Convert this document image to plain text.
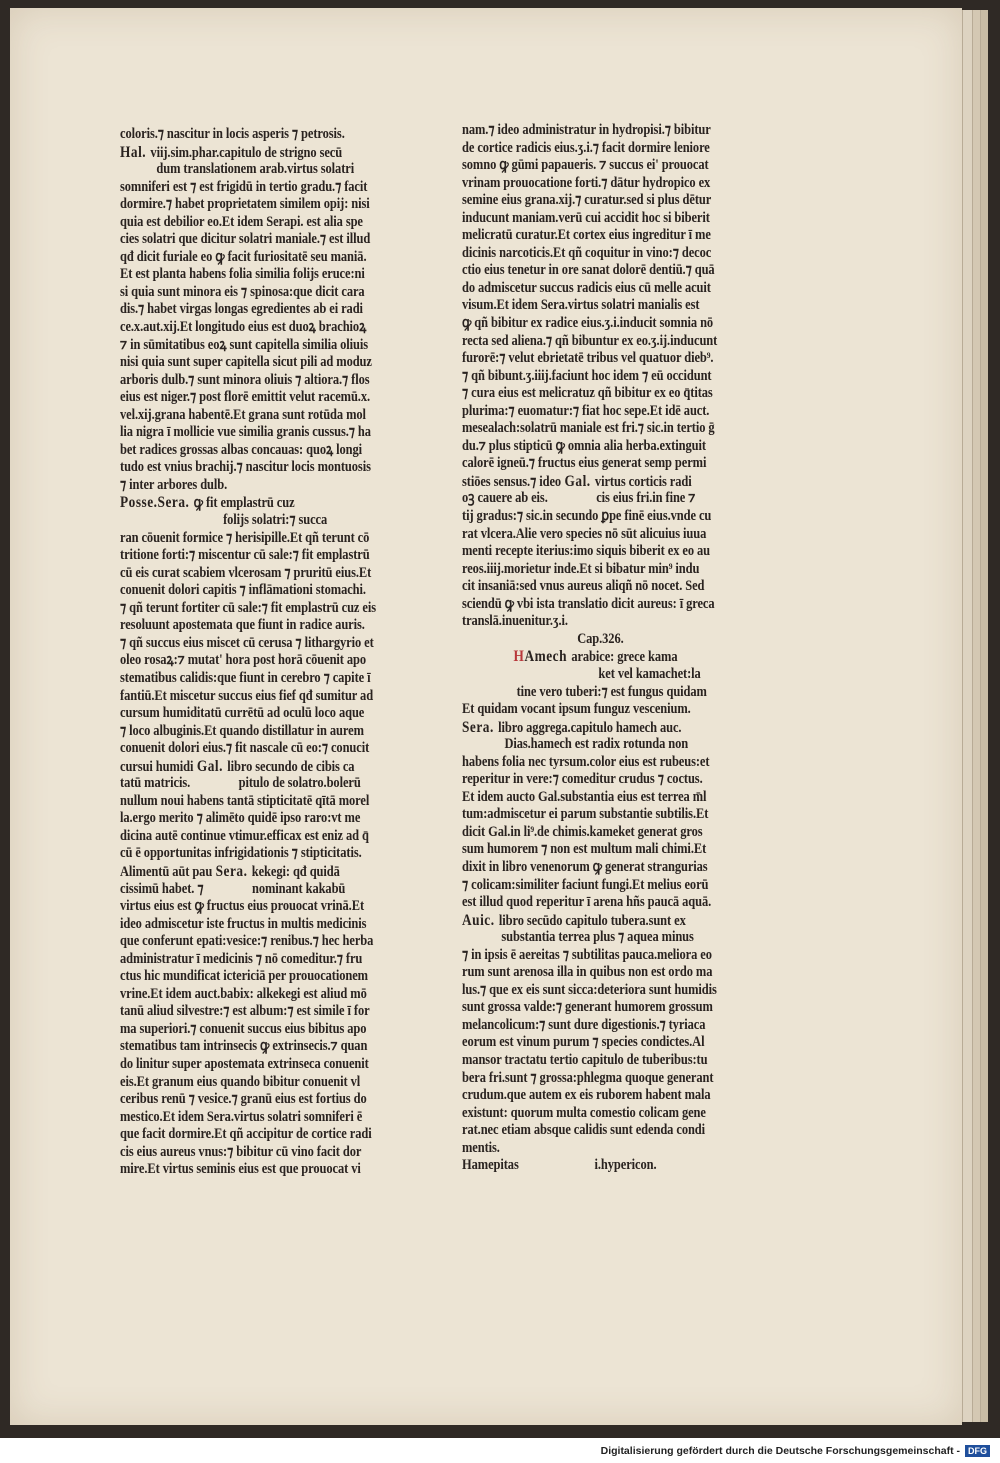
coloris.⁊ nascitur in locis asperis ⁊ petrosis.
Hal. viij.sim.phar.capitulo de strigno secū
dum translationem arab.virtus solatri
somniferi est ⁊ est frigidū in tertio gradu.⁊ facit
dormire.⁊ habet proprietatem similem opij: nisi
quia est debilior eo.Et idem Serapi. est alia spe
cies solatri que dicitur solatri maniale.⁊ est illud
qđ dicit furiale eo ꝙ facit furiositatē seu maniā.
Et est planta habens folia similia folijs eruce:ni
si quia sunt minora eis ⁊ spinosa:que dicit cara
dis.⁊ habet virgas longas egredientes ab ei radi
ce.x.aut.xij.Et longitudo eius est duoꝝ brachioꝝ
⁊ in sūmitatibus eoꝝ sunt capitella similia oliuis
nisi quia sunt super capitella sicut pili ad moduz
arboris dulb.⁊ sunt minora oliuis ⁊ altiora.⁊ flos
eius est niger.⁊ post florē emittit velut racemū.x.
vel.xij.grana habentē.Et grana sunt rotūda mol
lia nigra ī mollicie vue similia granis cussus.⁊ ha
bet radices grossas albas concauas: quoꝝ longi
tudo est vnius brachij.⁊ nascitur locis montuosis
⁊ inter arbores dulb.
Posse.Sera. ꝙ fit emplastrū cuz
folijs solatri:⁊ succa
ran cōuenit formice ⁊ herisipille.Et qñ terunt cō
tritione forti:⁊ miscentur cū sale:⁊ fit emplastrū
cū eis curat scabiem vlcerosam ⁊ pruritū eius.Et
conuenit dolori capitis ⁊ inflāmationi stomachi.
⁊ qñ terunt fortiter cū sale:⁊ fit emplastrū cuz eis
resoluunt apostemata que fiunt in radice auris.
⁊ qñ succus eius miscet cū cerusa ⁊ lithargyrio et
oleo rosaꝝ:⁊ mutat' hora post horā cōuenit apo
stematibus calidis:que fiunt in cerebro ⁊ capite ī
fantiū.Et miscetur succus eius fief qđ sumitur ad
cursum humiditatū currētū ad oculū loco aque
⁊ loco albuginis.Et quando distillatur in aurem
conuenit dolori eius.⁊ fit nascale cū eo:⁊ conucit
cursui humidi Gal. libro secundo de cibis ca
tatū matricis.                pitulo de solatro.bolerū
nullum noui habens tantā stipticitatē qītā morel
la.ergo merito ⁊ alimēto quidē ipso raro:vt me
dicina autē continue vtimur.efficax est eniz ad q̄
cū ē opportunitas infrigidationis ⁊ stipticitatis.
Alimentū aūt pau Sera. kekegi: qđ quidā
cissimū habet. ⁊                nominant kakabū
virtus eius est ꝙ fructus eius prouocat vrinā.Et
ideo admiscetur iste fructus in multis medicinis
que conferunt epati:vesice:⁊ renibus.⁊ hec herba
administratur ī medicinis ⁊ nō comeditur.⁊ fru
ctus hic mundificat ictericiā per prouocationem
vrine.Et idem auct.babix: alkekegi est aliud mō
tanū aliud silvestre:⁊ est album:⁊ est simile ī for
ma superiori.⁊ conuenit succus eius bibitus apo
stematibus tam intrinsecis ꝙ extrinsecis.⁊ quan
do linitur super apostemata extrinseca conuenit
eis.Et granum eius quando bibitur conuenit vl
ceribus renū ⁊ vesice.⁊ granū eius est fortius do
mestico.Et idem Sera.virtus solatri somniferi ē
que facit dormire.Et qñ accipitur de cortice radi
cis eius aureus vnus:⁊ bibitur cū vino facit dor
mire.Et virtus seminis eius est que prouocat vi
nam.⁊ ideo administratur in hydropisi.⁊ bibitur
de cortice radicis eius.ʒ.i.⁊ facit dormire leniore
somno ꝙ gūmi papaueris. ⁊ succus ei' prouocat
vrinam prouocatione forti.⁊ dātur hydropico ex
semine eius grana.xij.⁊ curatur.sed si plus dētur
inducunt maniam.verū cui accidit hoc si biberit
melicratū curatur.Et cortex eius ingreditur ī me
dicinis narcoticis.Et qñ coquitur in vino:⁊ decoc
ctio eius tenetur in ore sanat dolorē dentiū.⁊ quā
do admiscetur succus radicis eius cū melle acuit
visum.Et idem Sera.virtus solatri manialis est
ꝙ qñ bibitur ex radice eius.ʒ.i.inducit somnia nō
recta sed aliena.⁊ qñ bibuntur ex eo.ʒ.ij.inducunt
furorē:⁊ velut ebrietatē tribus vel quatuor dieb⁹.
⁊ qñ bibunt.ʒ.iiij.faciunt hoc idem ⁊ eū occidunt
⁊ cura eius est melicratuz qñ bibitur ex eo q̄titas
plurima:⁊ euomatur:⁊ fiat hoc sepe.Et idē auct.
mesealach:solatrū maniale est fri.⁊ sic.in tertio ḡ
du.⁊ plus stipticū ꝙ omnia alia herba.extinguit
calorē igneū.⁊ fructus eius generat semp permi
stiōes sensus.⁊ ideo Gal. virtus corticis radi
oꝫ cauere ab eis.                cis eius fri.in fine ⁊
tij gradus:⁊ sic.in secundo ꝑpe finē eius.vnde cu
rat vlcera.Alie vero species nō sūt alicuius iuua
menti recepte iterius:imo siquis biberit ex eo au
reos.iiij.morietur inde.Et si bibatur min⁹ indu
cit insaniā:sed vnus aureus aliqñ nō nocet. Sed
sciendū ꝙ vbi ista translatio dicit aureus: ī greca
translā.inuenitur.ʒ.i.
Cap.326.
HAmech arabice: grece kama
ket vel kamachet:la
tine vero tuberi:⁊ est fungus quidam
Et quidam vocant ipsum funguz vescenium.
Sera. libro aggrega.capitulo hamech auc.
Dias.hamech est radix rotunda non
habens folia nec tyrsum.color eius est rubeus:et
reperitur in vere:⁊ comeditur crudus ⁊ coctus.
Et idem aucto Gal.substantia eius est terrea m̄l
tum:admiscetur ei parum substantie subtilis.Et
dicit Gal.in li⁹.de chimis.kameket generat gros
sum humorem ⁊ non est multum mali chimi.Et
dixit in libro venenorum ꝙ generat strangurias
⁊ colicam:similiter faciunt fungi.Et melius eorū
est illud quod reperitur ī arena hñs paucā aquā.
Auic. libro secūdo capitulo tubera.sunt ex
substantia terrea plus ⁊ aquea minus
⁊ in ipsis ē aereitas ⁊ subtilitas pauca.meliora eo
rum sunt arenosa illa in quibus non est ordo ma
lus.⁊ que ex eis sunt sicca:deteriora sunt humidis
sunt grossa valde:⁊ generant humorem grossum
melancolicum:⁊ sunt dure digestionis.⁊ tyriaca
eorum est vinum purum ⁊ species condictes.Al
mansor tractatu tertio capitulo de tuberibus:tu
bera fri.sunt ⁊ grossa:phlegma quoque generant
crudum.que autem ex eis ruborem habent mala
existunt: quorum multa comestio colicam gene
rat.nec etiam absque calidis sunt edenda condi
mentis.
Hamepitas                         i.hypericon.
Digitalisierung gefördert durch die Deutsche Forschungsgemeinschaft - DFG
